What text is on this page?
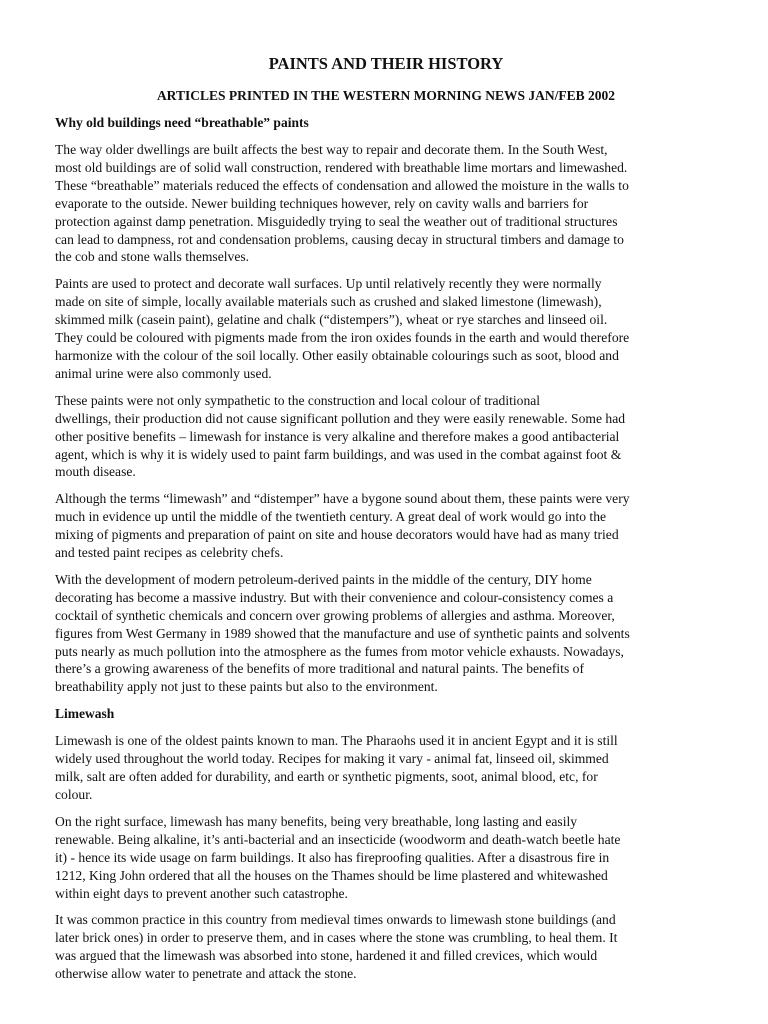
PAINTS AND THEIR HISTORY
ARTICLES PRINTED IN THE WESTERN MORNING NEWS JAN/FEB 2002
Why old buildings need “breathable” paints
The way older dwellings are built affects the best way to repair and decorate them. In the South West,
most old buildings are of solid wall construction, rendered with breathable lime mortars and limewashed.
These “breathable” materials reduced the effects of condensation and allowed the moisture in the walls to
evaporate to the outside. Newer building techniques however, rely on cavity walls and barriers for
protection against damp penetration. Misguidedly trying to seal the weather out of traditional structures
can lead to dampness, rot and condensation problems, causing decay in structural timbers and damage to
the cob and stone walls themselves.
Paints are used to protect and decorate wall surfaces. Up until relatively recently they were normally
made on site of simple, locally available materials such as crushed and slaked limestone (limewash),
skimmed milk (casein paint), gelatine and chalk (“distempers”), wheat or rye starches and linseed oil.
They could be coloured with pigments made from the iron oxides founds in the earth and would therefore
harmonize with the colour of the soil locally. Other easily obtainable colourings such as soot, blood and
animal urine were also commonly used.
These paints were not only sympathetic to the construction and local colour of traditional
dwellings, their production did not cause significant pollution and they were easily renewable. Some had
other positive benefits – limewash for instance is very alkaline and therefore makes a good antibacterial
agent, which is why it is widely used to paint farm buildings, and was used in the combat against foot &
mouth disease.
Although the terms “limewash” and “distemper” have a bygone sound about them, these paints were very
much in evidence up until the middle of the twentieth century. A great deal of work would go into the
mixing of pigments and preparation of paint on site and house decorators would have had as many tried
and tested paint recipes as celebrity chefs.
With the development of modern petroleum-derived paints in the middle of the century, DIY home
decorating has become a massive industry. But with their convenience and colour-consistency comes a
cocktail of synthetic chemicals and concern over growing problems of allergies and asthma. Moreover,
figures from West Germany in 1989 showed that the manufacture and use of synthetic paints and solvents
puts nearly as much pollution into the atmosphere as the fumes from motor vehicle exhausts. Nowadays,
there’s a growing awareness of the benefits of more traditional and natural paints. The benefits of
breathability apply not just to these paints but also to the environment.
Limewash
Limewash is one of the oldest paints known to man. The Pharaohs used it in ancient Egypt and it is still
widely used throughout the world today. Recipes for making it vary - animal fat, linseed oil, skimmed
milk, salt are often added for durability, and earth or synthetic pigments, soot, animal blood, etc, for
colour.
On the right surface, limewash has many benefits, being very breathable, long lasting and easily
renewable. Being alkaline, it’s anti-bacterial and an insecticide (woodworm and death-watch beetle hate
it) - hence its wide usage on farm buildings. It also has fireproofing qualities. After a disastrous fire in
1212, King John ordered that all the houses on the Thames should be lime plastered and whitewashed
within eight days to prevent another such catastrophe.
It was common practice in this country from medieval times onwards to limewash stone buildings (and
later brick ones) in order to preserve them, and in cases where the stone was crumbling, to heal them. It
was argued that the limewash was absorbed into stone, hardened it and filled crevices, which would
otherwise allow water to penetrate and attack the stone.
